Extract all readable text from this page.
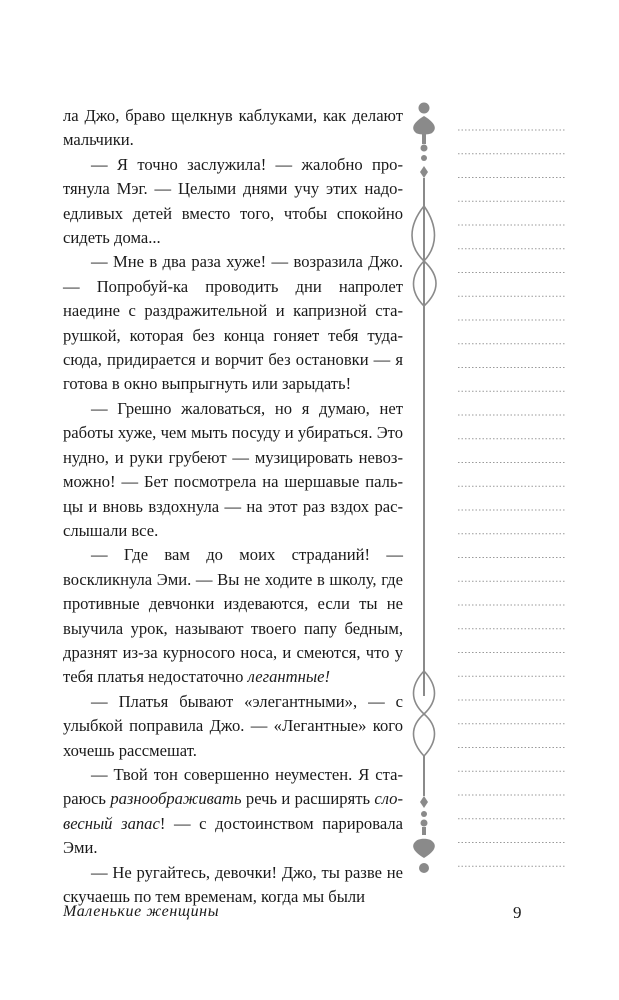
ла Джо, браво щелкнув каблуками, как делают мальчики.

— Я точно заслужила! — жалобно протянула Мэг. — Целыми днями учу этих надоедливых детей вместо того, чтобы спокойно сидеть дома...

— Мне в два раза хуже! — возразила Джо. — Попробуй-ка проводить дни напролет наедине с раздражительной и капризной старушкой, которая без конца гоняет тебя туда-сюда, придирается и ворчит без остановки — я готова в окно выпрыгнуть или зарыдать!

— Грешно жаловаться, но я думаю, нет работы хуже, чем мыть посуду и убираться. Это нудно, и руки грубеют — музицировать невозможно! — Бет посмотрела на шершавые пальцы и вновь вздохнула — на этот раз вздох расслышали все.

— Где вам до моих страданий! — воскликнула Эми. — Вы не ходите в школу, где противные девчонки издеваются, если ты не выучила урок, называют твоего папу бедным, дразнят из-за курносого носа, и смеются, что у тебя платья недостаточно легантные!

— Платья бывают «элегантными», — с улыбкой поправила Джо. — «Легантные» кого хочешь рассмешат.

— Твой тон совершенно неуместен. Я стараюсь разноображивать речь и расширять словесный запас! — с достоинством парировала Эми.

— Не ругайтесь, девочки! Джо, ты разве не скучаешь по тем временам, когда мы были

Маленькие женщины	9
